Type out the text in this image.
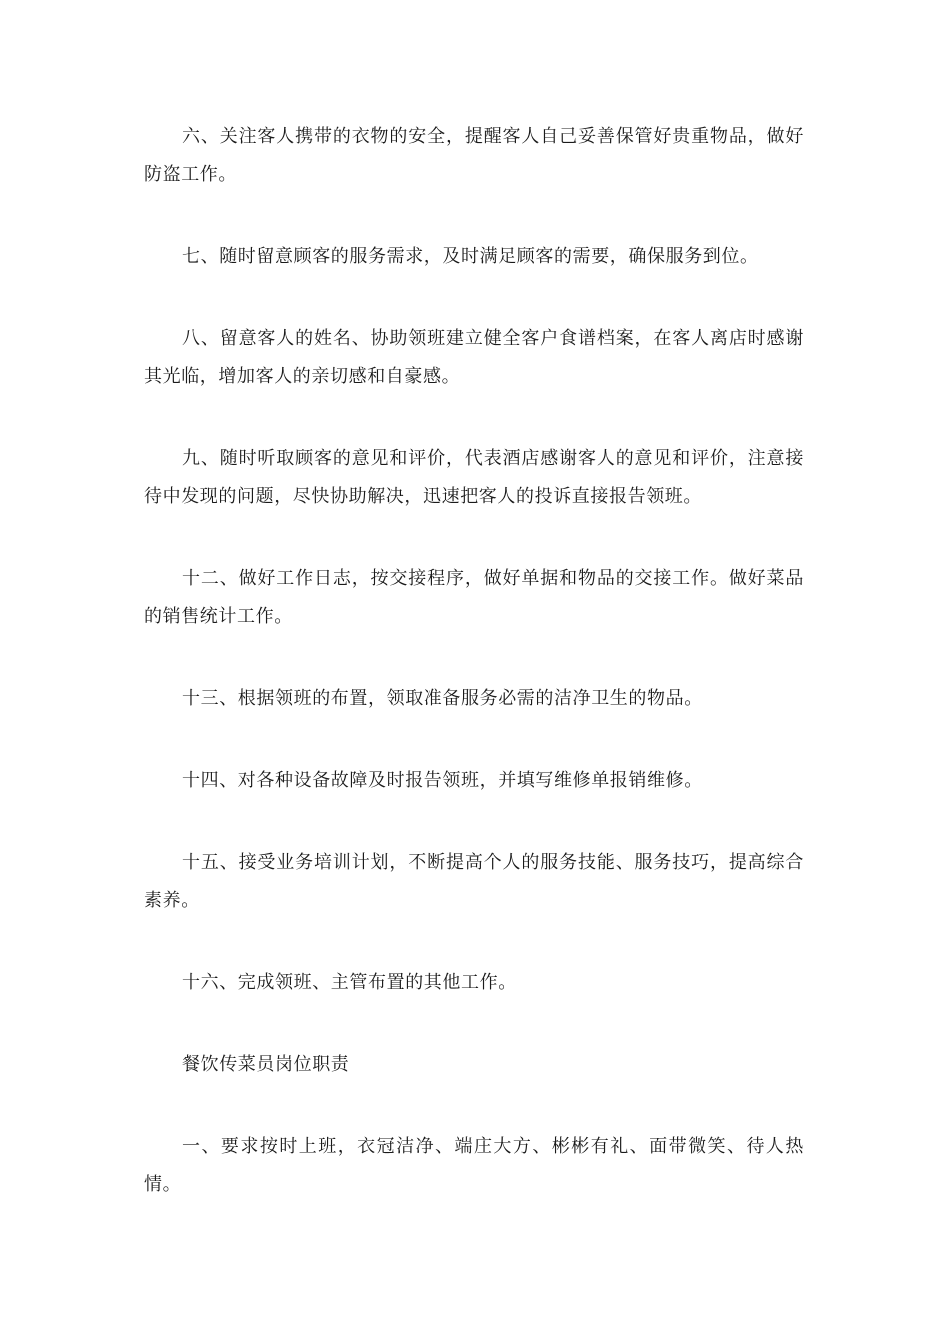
六、关注客人携带的衣物的安全，提醒客人自己妥善保管好贵重物品，做好防盗工作。

七、随时留意顾客的服务需求，及时满足顾客的需要，确保服务到位。

八、留意客人的姓名、协助领班建立健全客户食谱档案，在客人离店时感谢其光临，增加客人的亲切感和自豪感。

九、随时听取顾客的意见和评价，代表酒店感谢客人的意见和评价，注意接待中发现的问题，尽快协助解决，迅速把客人的投诉直接报告领班。

十二、做好工作日志，按交接程序，做好单据和物品的交接工作。做好菜品的销售统计工作。

十三、根据领班的布置，领取准备服务必需的洁净卫生的物品。

十四、对各种设备故障及时报告领班，并填写维修单报销维修。

十五、接受业务培训计划，不断提高个人的服务技能、服务技巧，提高综合素养。

十六、完成领班、主管布置的其他工作。

餐饮传菜员岗位职责

一、要求按时上班，衣冠洁净、端庄大方、彬彬有礼、面带微笑、待人热情。
